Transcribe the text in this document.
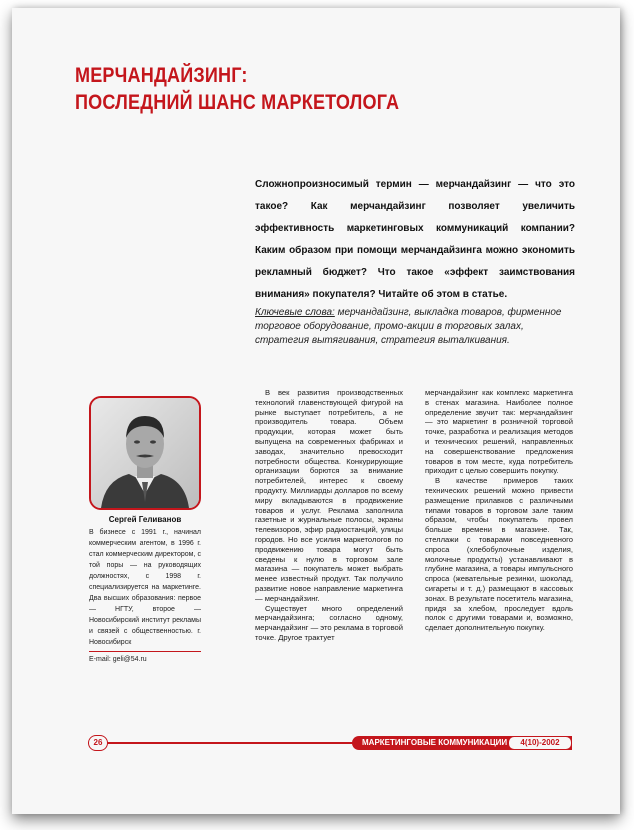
МЕРЧАНДАЙЗИНГ:
ПОСЛЕДНИЙ ШАНС МАРКЕТОЛОГА

Сложнопроизносимый термин — мерчандайзинг — что это такое? Как мерчандайзинг позволяет увеличить эффективность маркетинговых коммуникаций компании? Каким образом при помощи мерчандайзинга можно экономить рекламный бюджет? Что такое «эффект заимствования внимания» покупателя? Читайте об этом в статье.

Ключевые слова: мерчандайзинг, выкладка товаров, фирменное торговое оборудование, промо-акции в торговых залах, стратегия вытягивания, стратегия выталкивания.

Сергей Геливанов

В бизнесе с 1991 г., начинал коммерческим агентом, в 1996 г. стал коммерческим директором, с той поры — на руководящих должностях, с 1998 г. специализируется на маркетинге. Два высших образования: первое — НГТУ, второе — Новосибирский институт рекламы и связей с общественностью. г. Новосибирск

E-mail: geli@54.ru

В век развития производственных технологий главенствующей фигурой на рынке выступает потребитель, а не производитель товара. Объем продукции, которая может быть выпущена на современных фабриках и заводах, значительно превосходит потребности общества. Конкурирующие организации борются за внимание потребителей, интерес к своему продукту. Миллиарды долларов по всему миру вкладываются в продвижение товаров и услуг. Реклама заполнила газетные и журнальные полосы, экраны телевизоров, эфир радиостанций, улицы городов. Но все усилия маркетологов по продвижению товара могут быть сведены к нулю в торговом зале магазина — покупатель может выбрать менее известный продукт. Так получило развитие новое направление маркетинга — мерчандайзинг.

Существует много определений мерчандайзинга; согласно одному, мерчандайзинг — это реклама в торговой точке. Другое трактует

мерчандайзинг как комплекс маркетинга в стенах магазина. Наиболее полное определение звучит так: мерчандайзинг — это маркетинг в розничной торговой точке, разработка и реализация методов и технических решений, направленных на совершенствование предложения товаров в том месте, куда потребитель приходит с целью совершить покупку.

В качестве примеров таких технических решений можно привести размещение прилавков с различными типами товаров в торговом зале таким образом, чтобы покупатель провел больше времени в магазине. Так, стеллажи с товарами повседневного спроса (хлебобулочные изделия, молочные продукты) устанавливают в глубине магазина, а товары импульсного спроса (жевательные резинки, шоколад, сигареты и т. д.) размещают в кассовых зонах. В результате посетитель магазина, придя за хлебом, проследует вдоль полок с другими товарами и, возможно, сделает дополнительную покупку.

26	МАРКЕТИНГОВЫЕ КОММУНИКАЦИИ	4(10)-2002
